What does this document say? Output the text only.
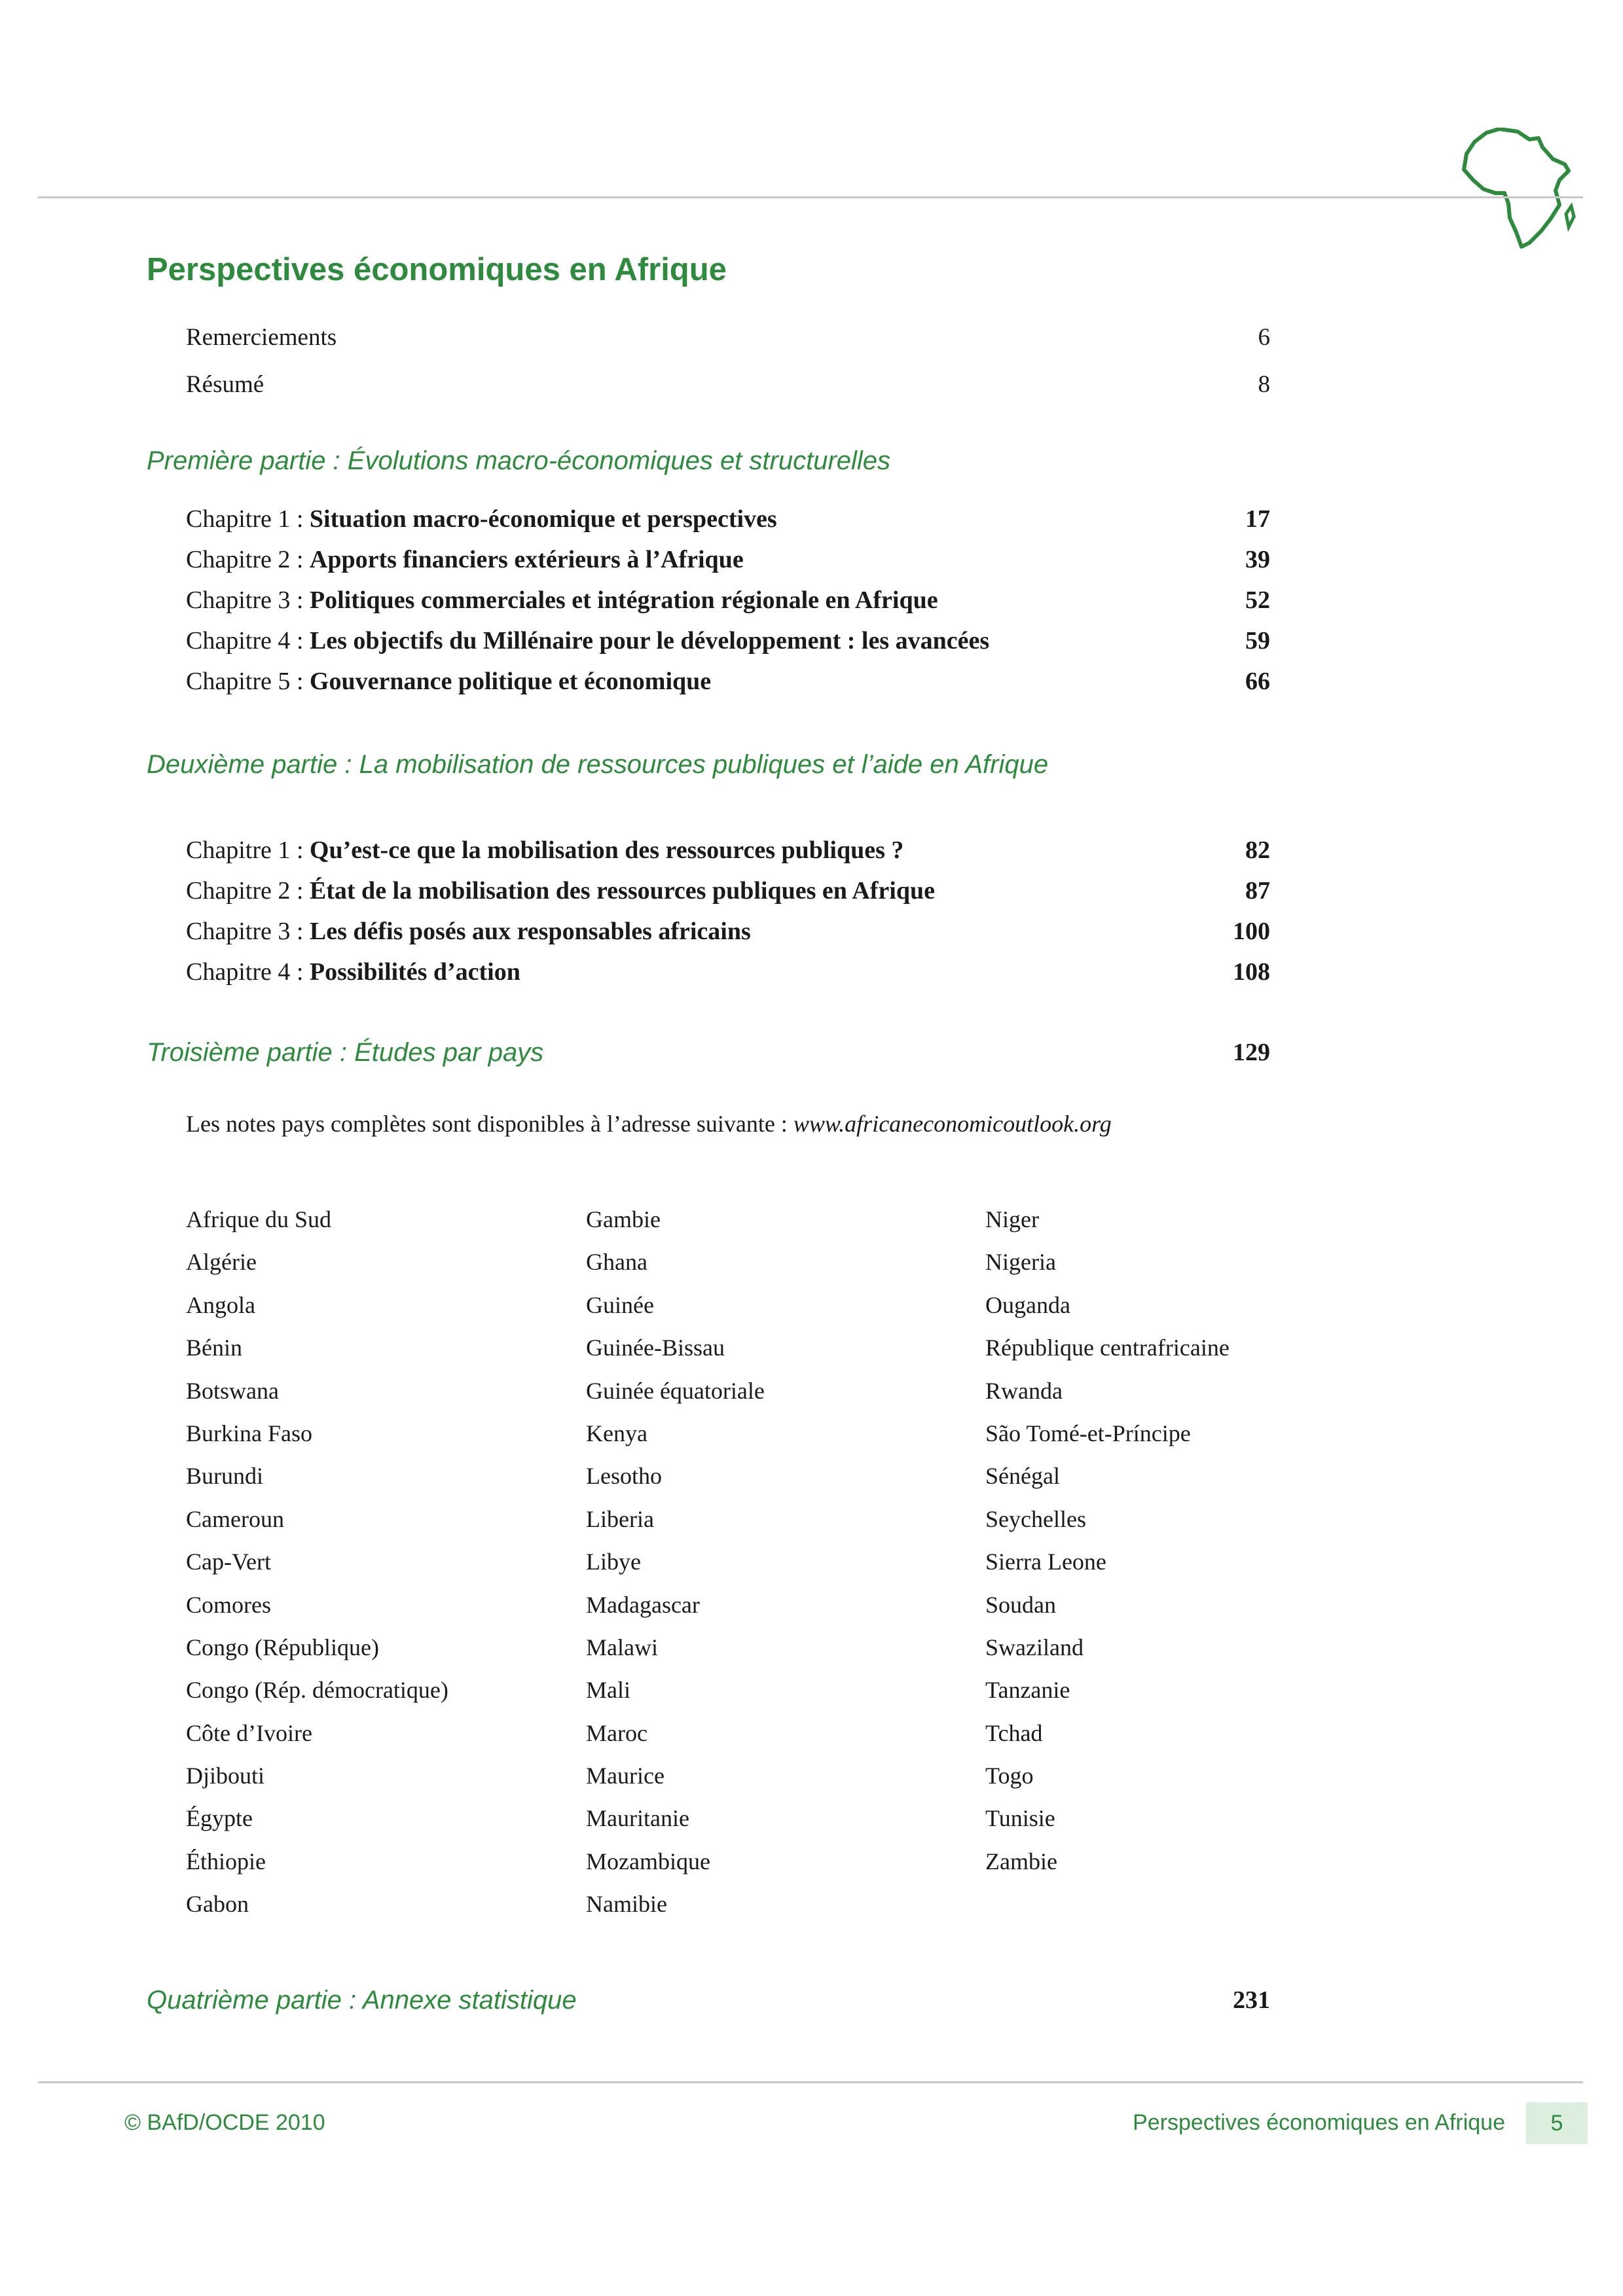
Perspectives économiques en Afrique
Remerciements	6
Résumé	8
Première partie : Évolutions macro-économiques et structurelles
Chapitre 1 : Situation macro-économique et perspectives	17
Chapitre 2 : Apports financiers extérieurs à l’Afrique	39
Chapitre 3 : Politiques commerciales et intégration régionale en Afrique	52
Chapitre 4 : Les objectifs du Millénaire pour le développement : les avancées	59
Chapitre 5 : Gouvernance politique et économique	66
Deuxième partie : La mobilisation de ressources publiques et l’aide en Afrique
Chapitre 1 : Qu’est-ce que la mobilisation des ressources publiques ?	82
Chapitre 2 : État de la mobilisation des ressources publiques en Afrique	87
Chapitre 3 : Les défis posés aux responsables africains	100
Chapitre 4 : Possibilités d’action	108
Troisième partie : Études par pays	129
Les notes pays complètes sont disponibles à l’adresse suivante : www.africaneconomicoutlook.org
Afrique du Sud
Algérie
Angola
Bénin
Botswana
Burkina Faso
Burundi
Cameroun
Cap-Vert
Comores
Congo (République)
Congo (Rép. démocratique)
Côte d’Ivoire
Djibouti
Égypte
Éthiopie
Gabon
Gambie
Ghana
Guinée
Guinée-Bissau
Guinée équatoriale
Kenya
Lesotho
Liberia
Libye
Madagascar
Malawi
Mali
Maroc
Maurice
Mauritanie
Mozambique
Namibie
Niger
Nigeria
Ouganda
République centrafricaine
Rwanda
São Tomé-et-Príncipe
Sénégal
Seychelles
Sierra Leone
Soudan
Swaziland
Tanzanie
Tchad
Togo
Tunisie
Zambie
Quatrième partie : Annexe statistique	231
© BAfD/OCDE 2010	Perspectives économiques en Afrique	5
